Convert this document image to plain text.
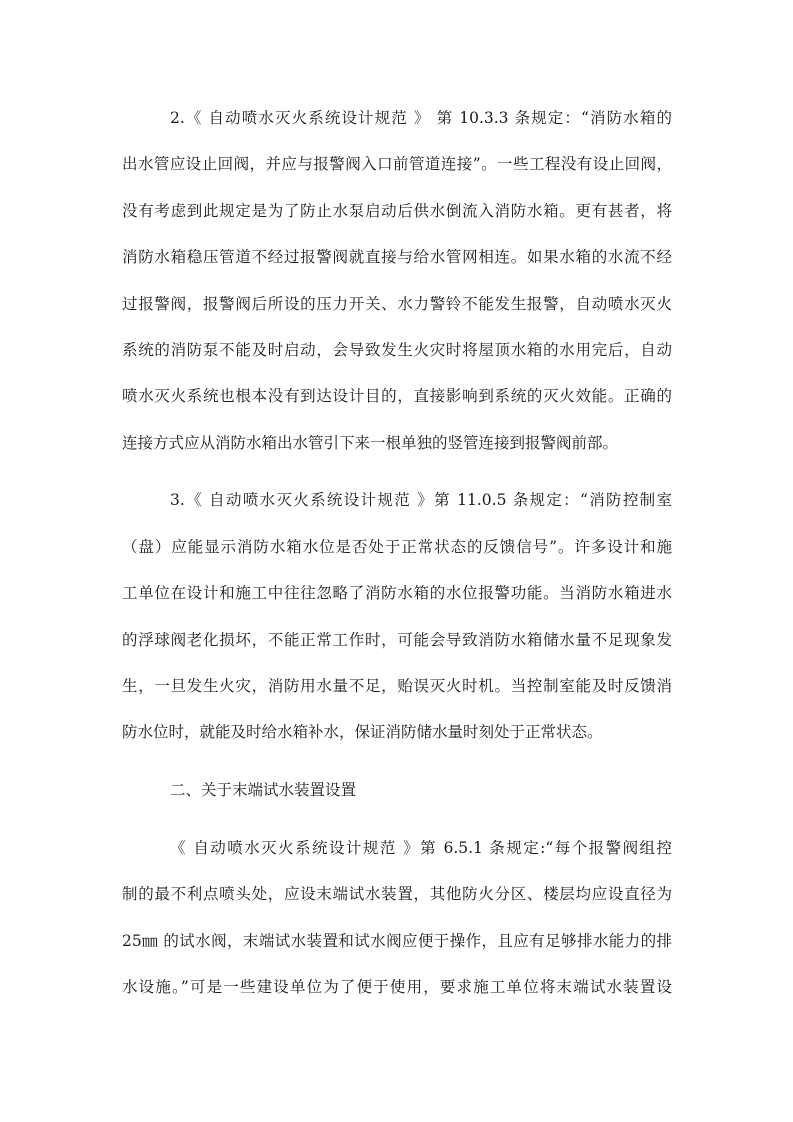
2.《 自动喷水灭火系统设计规范 》 第 10.3.3 条规定：“消防水箱的
出水管应设止回阀，并应与报警阀入口前管道连接”。一些工程没有设止回阀，
没有考虑到此规定是为了防止水泵启动后供水倒流入消防水箱。更有甚者，将
消防水箱稳压管道不经过报警阀就直接与给水管网相连。如果水箱的水流不经
过报警阀，报警阀后所设的压力开关、水力警铃不能发生报警，自动喷水灭火
系统的消防泵不能及时启动，会导致发生火灾时将屋顶水箱的水用完后，自动
喷水灭火系统也根本没有到达设计目的，直接影响到系统的灭火效能。正确的
连接方式应从消防水箱出水管引下来一根单独的竖管连接到报警阀前部。
3.《 自动喷水灭火系统设计规范 》第 11.0.5 条规定：“消防控制室
（盘）应能显示消防水箱水位是否处于正常状态的反馈信号”。许多设计和施
工单位在设计和施工中往往忽略了消防水箱的水位报警功能。当消防水箱进水
的浮球阀老化损坏，不能正常工作时，可能会导致消防水箱储水量不足现象发
生，一旦发生火灾，消防用水量不足，贻误灭火时机。当控制室能及时反馈消
防水位时，就能及时给水箱补水，保证消防储水量时刻处于正常状态。
二、关于末端试水装置设置
《 自动喷水灭火系统设计规范 》第 6.5.1 条规定:“每个报警阀组控
制的最不利点喷头处，应设末端试水装置，其他防火分区、楼层均应设直径为
25㎜ 的试水阀，末端试水装置和试水阀应便于操作，且应有足够排水能力的排
水设施。”可是一些建设单位为了便于使用，要求施工单位将末端试水装置设
